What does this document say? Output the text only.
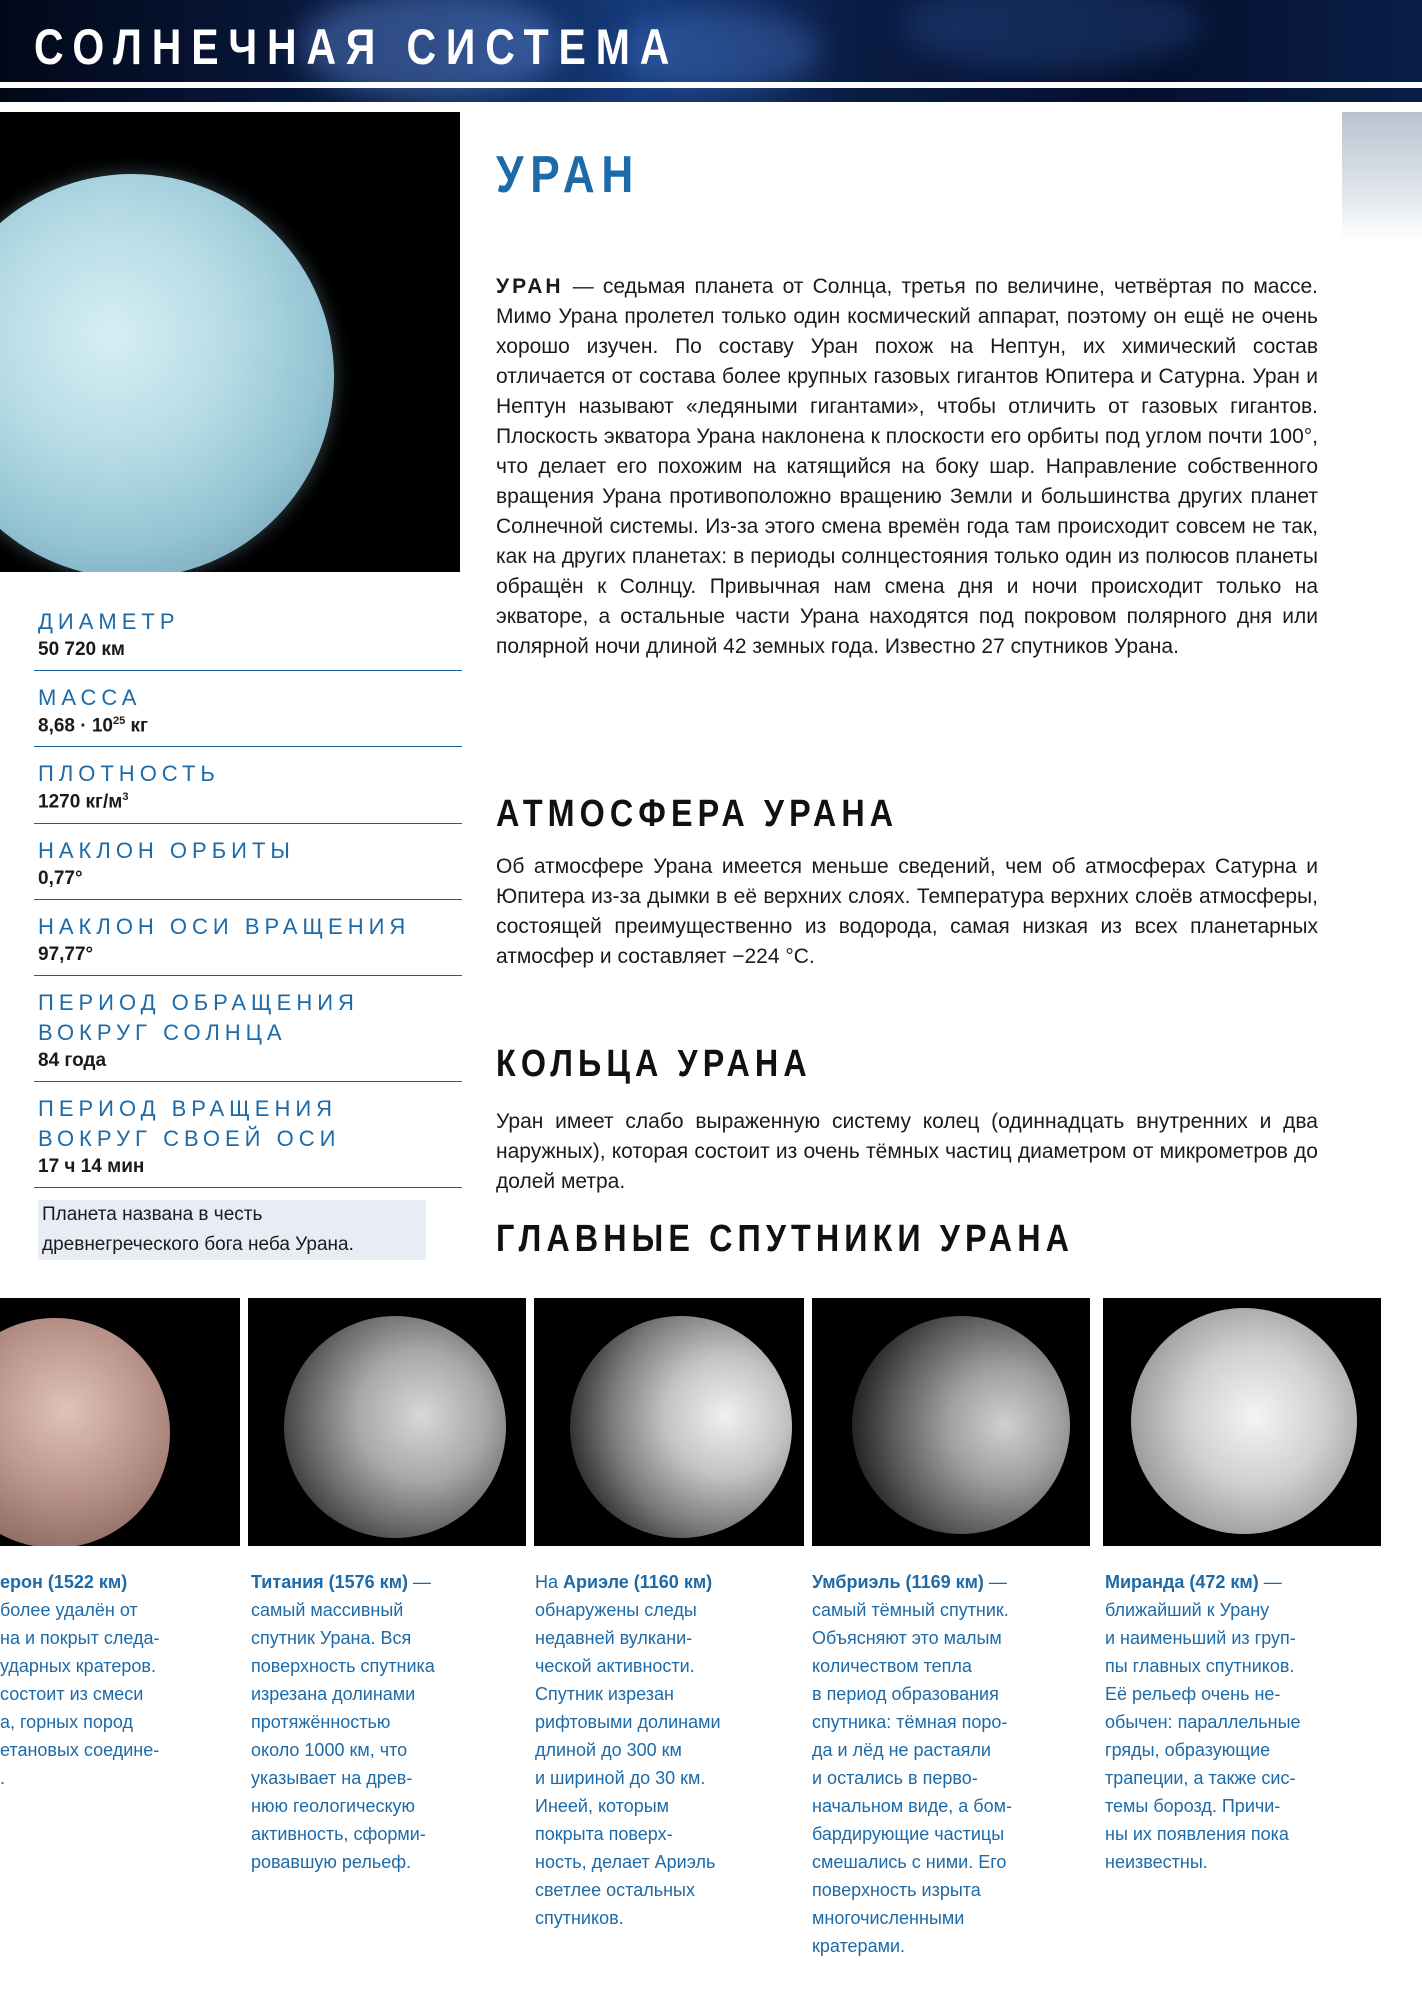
СОЛНЕЧНАЯ СИСТЕМА
ДИАМЕТР
50 720 км
МАССА
$8,68 \cdot 10^{25}$ кг
ПЛОТНОСТЬ
1270 $кг/м^3$
НАКЛОН ОРБИТЫ
0,77°
НАКЛОН ОСИ ВРАЩЕНИЯ
97,77°
ПЕРИОД ОБРАЩЕНИЯ
ВОКРУГ СОЛНЦА
84 года
ПЕРИОД ВРАЩЕНИЯ
ВОКРУГ СВОЕЙ ОСИ
17 ч 14 мин
Планета названа в честь
древнегреческого бога неба Урана.
УРАН

УРАН — седьмая планета от Солнца, третья по величине, четвёртая по массе. Мимо Урана пролетел только один космический аппарат, поэтому он ещё не очень хорошо изучен. По составу Уран похож на Нептун, их химический состав отличается от состава более крупных газовых гигантов Юпитера и Сатурна. Уран и Нептун называют «ледяными гигантами», чтобы отличить от газовых гигантов. Плоскость экватора Урана наклонена к плоскости его орбиты под углом почти 100°, что делает его похожим на катящийся на боку шар. Направление собственного вращения Урана противоположно вращению Земли и большинства других планет Солнечной системы. Из-за этого смена времён года там происходит совсем не так, как на других планетах: в периоды солнцестояния только один из полюсов планеты обращён к Солнцу. Привычная нам смена дня и ночи происходит только на экваторе, а остальные части Урана находятся под покровом полярного дня или полярной ночи длиной 42 земных года. Известно 27 спутников Урана.

АТМОСФЕРА УРАНА

Об атмосфере Урана имеется меньше сведений, чем об атмосферах Сатурна и Юпитера из-за дымки в её верхних слоях. Температура верхних слоёв атмосферы, состоящей преимущественно из водорода, самая низкая из всех планетарных атмосфер и составляет −224 °C.

КОЛЬЦА УРАНА

Уран имеет слабо выраженную систему колец (одиннадцать внутренних и два наружных), которая состоит из очень тёмных частиц диаметром от микрометров до долей метра.

ГЛАВНЫЕ СПУТНИКИ УРАНА
ерон (1522 км)
более удалён от
на и покрыт следа-
ударных кратеров.
состоит из смеси
а, горных пород
етановых соедине-
.
Титания (1576 км) —
самый массивный
спутник Урана. Вся
поверхность спутника
изрезана долинами
протяжённостью
около 1000 км, что
указывает на древ-
нюю геологическую
активность, сформи-
ровавшую рельеф.
На Ариэле (1160 км)
обнаружены следы
недавней вулкани-
ческой активности.
Спутник изрезан
рифтовыми долинами
длиной до 300 км
и шириной до 30 км.
Инеей, которым
покрыта поверх-
ность, делает Ариэль
светлее остальных
спутников.
Умбриэль (1169 км) —
самый тёмный спутник.
Объясняют это малым
количеством тепла
в период образования
спутника: тёмная поро-
да и лёд не растаяли
и остались в перво-
начальном виде, а бом-
бардирующие частицы
смешались с ними. Его
поверхность изрыта
многочисленными
кратерами.
Миранда (472 км) —
ближайший к Урану
и наименьший из груп-
пы главных спутников.
Её рельеф очень не-
обычен: параллельные
гряды, образующие
трапеции, а также сис-
темы борозд. Причи-
ны их появления пока
неизвестны.
